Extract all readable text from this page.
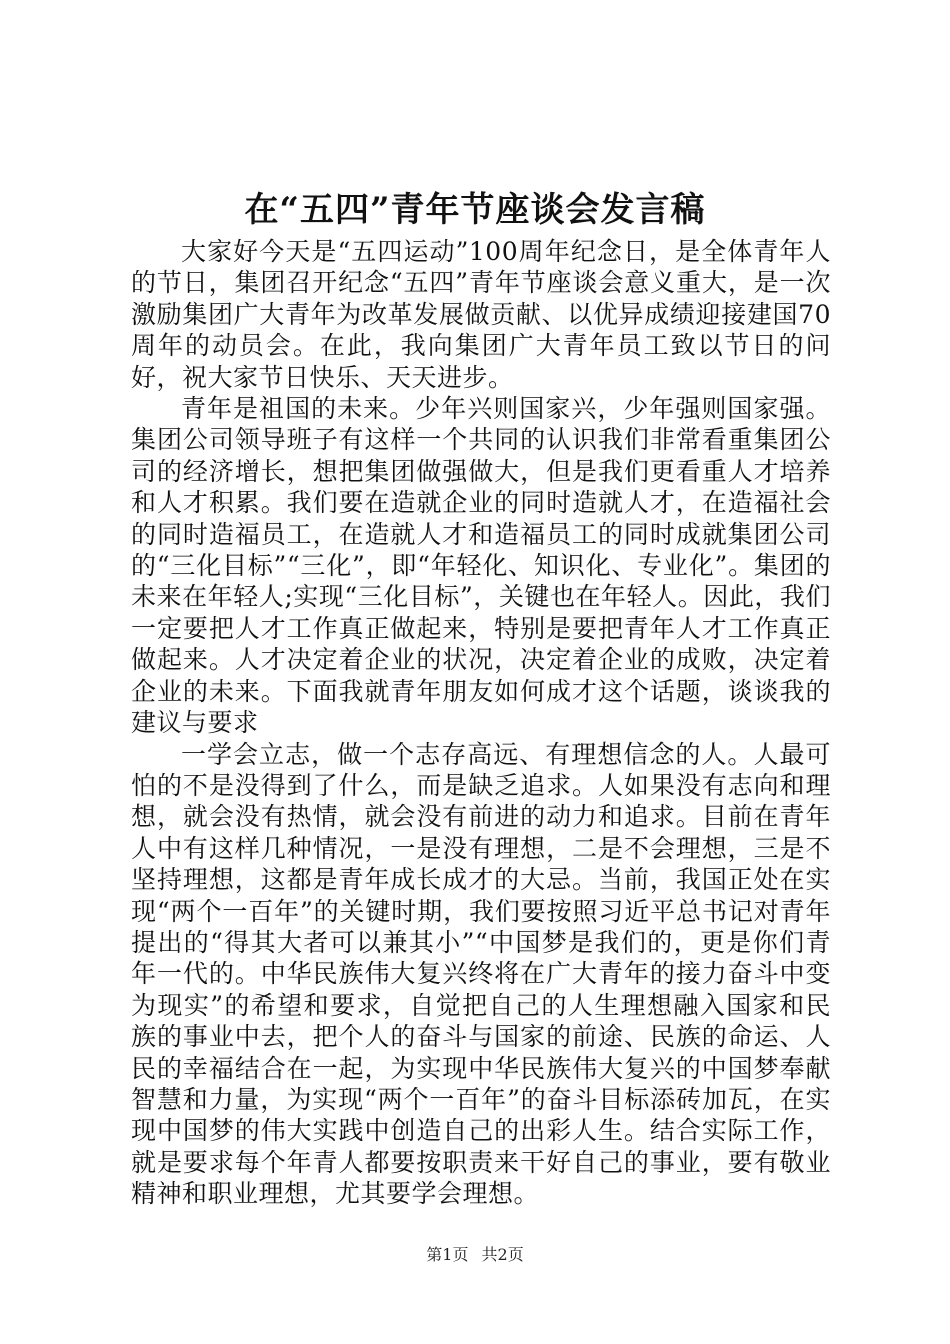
在“五四”青年节座谈会发言稿

大家好今天是“五四运动”100周年纪念日，是全体青年人的节日，集团召开纪念“五四”青年节座谈会意义重大，是一次激励集团广大青年为改革发展做贡献、以优异成绩迎接建国70周年的动员会。在此，我向集团广大青年员工致以节日的问好，祝大家节日快乐、天天进步。

青年是祖国的未来。少年兴则国家兴，少年强则国家强。集团公司领导班子有这样一个共同的认识我们非常看重集团公司的经济增长，想把集团做强做大，但是我们更看重人才培养和人才积累。我们要在造就企业的同时造就人才，在造福社会的同时造福员工，在造就人才和造福员工的同时成就集团公司的“三化目标”“三化”，即“年轻化、知识化、专业化”。集团的未来在年轻人;实现“三化目标”，关键也在年轻人。因此，我们一定要把人才工作真正做起来，特别是要把青年人才工作真正做起来。人才决定着企业的状况，决定着企业的成败，决定着企业的未来。下面我就青年朋友如何成才这个话题，谈谈我的建议与要求

一学会立志，做一个志存高远、有理想信念的人。人最可怕的不是没得到了什么，而是缺乏追求。人如果没有志向和理想，就会没有热情，就会没有前进的动力和追求。目前在青年人中有这样几种情况，一是没有理想，二是不会理想，三是不坚持理想，这都是青年成长成才的大忌。当前，我国正处在实现“两个一百年”的关键时期，我们要按照习近平总书记对青年提出的“得其大者可以兼其小”“中国梦是我们的，更是你们青年一代的。中华民族伟大复兴终将在广大青年的接力奋斗中变为现实”的希望和要求，自觉把自己的人生理想融入国家和民族的事业中去，把个人的奋斗与国家的前途、民族的命运、人民的幸福结合在一起，为实现中华民族伟大复兴的中国梦奉献智慧和力量，为实现“两个一百年”的奋斗目标添砖加瓦，在实现中国梦的伟大实践中创造自己的出彩人生。结合实际工作，就是要求每个年青人都要按职责来干好自己的事业，要有敬业精神和职业理想，尤其要学会理想。

第1页 共2页
